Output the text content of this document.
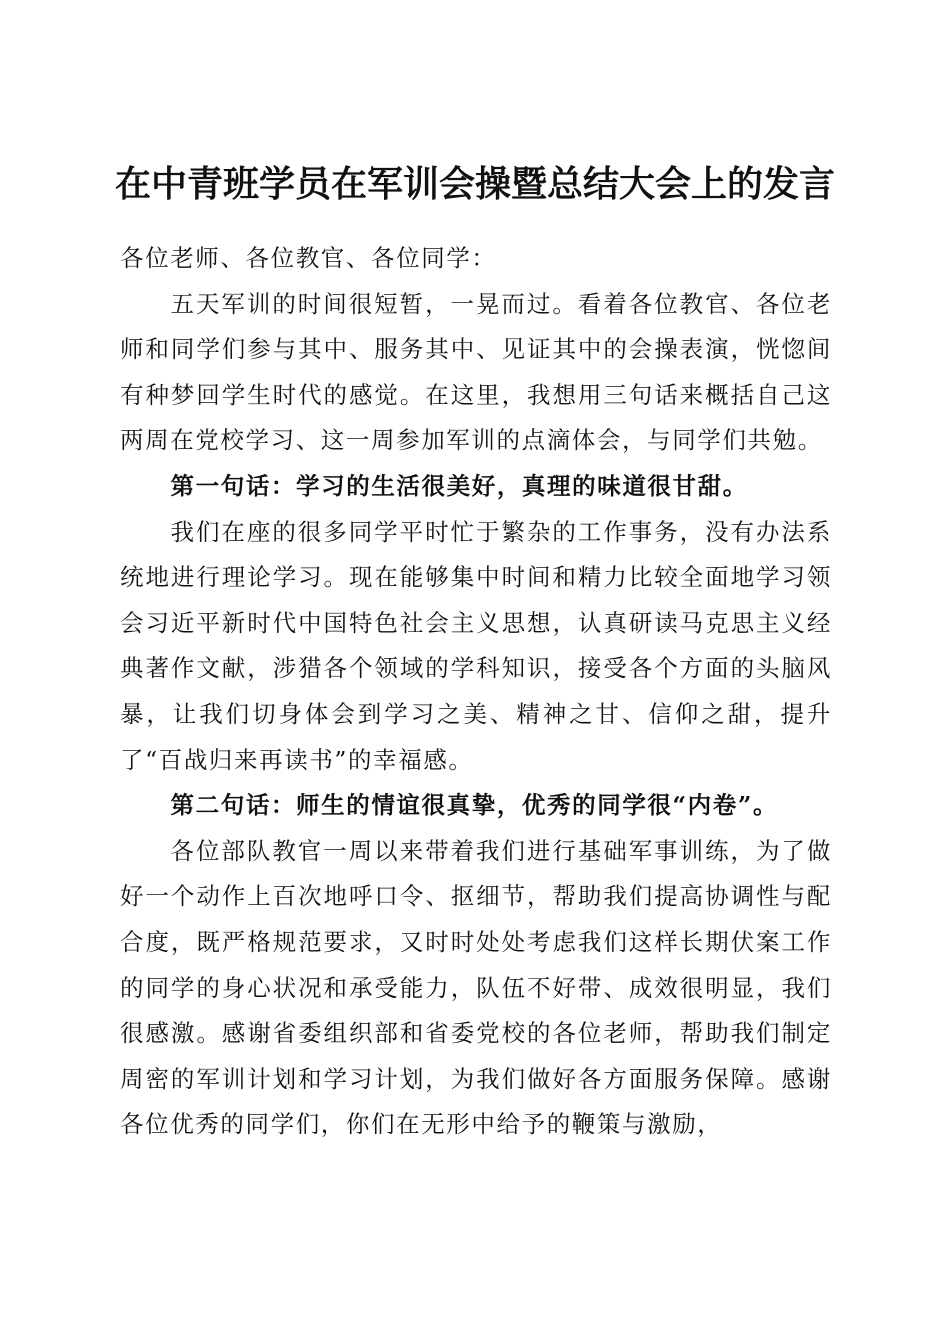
在中青班学员在军训会操暨总结大会上的发言

各位老师、各位教官、各位同学：

五天军训的时间很短暂，一晃而过。看着各位教官、各位老师和同学们参与其中、服务其中、见证其中的会操表演，恍惚间有种梦回学生时代的感觉。在这里，我想用三句话来概括自己这两周在党校学习、这一周参加军训的点滴体会，与同学们共勉。

第一句话：学习的生活很美好，真理的味道很甘甜。

我们在座的很多同学平时忙于繁杂的工作事务，没有办法系统地进行理论学习。现在能够集中时间和精力比较全面地学习领会习近平新时代中国特色社会主义思想，认真研读马克思主义经典著作文献，涉猎各个领域的学科知识，接受各个方面的头脑风暴，让我们切身体会到学习之美、精神之甘、信仰之甜，提升了“百战归来再读书”的幸福感。

第二句话：师生的情谊很真挚，优秀的同学很“内卷”。

各位部队教官一周以来带着我们进行基础军事训练，为了做好一个动作上百次地呼口令、抠细节，帮助我们提高协调性与配合度，既严格规范要求，又时时处处考虑我们这样长期伏案工作的同学的身心状况和承受能力，队伍不好带、成效很明显，我们很感激。感谢省委组织部和省委党校的各位老师，帮助我们制定周密的军训计划和学习计划，为我们做好各方面服务保障。感谢各位优秀的同学们，你们在无形中给予的鞭策与激励，
